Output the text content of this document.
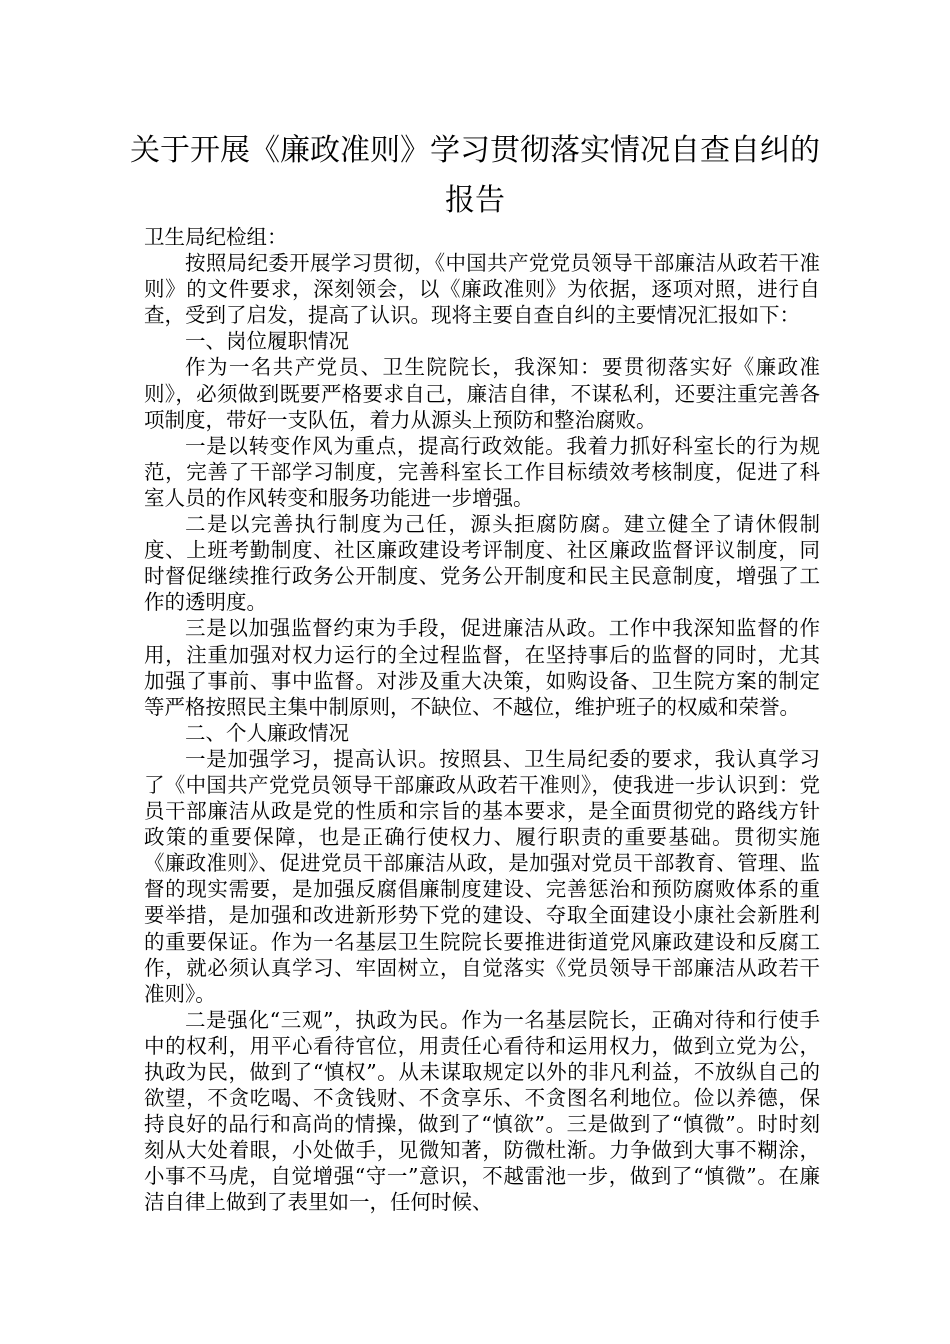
关于开展《廉政准则》学习贯彻落实情况自查自纠的
报告

卫生局纪检组：

按照局纪委开展学习贯彻，《中国共产党党员领导干部廉洁从政若干准则》的文件要求，深刻领会，以《廉政准则》为依据，逐项对照，进行自查，受到了启发，提高了认识。现将主要自查自纠的主要情况汇报如下：

一、岗位履职情况

作为一名共产党员、卫生院院长，我深知：要贯彻落实好《廉政准则》，必须做到既要严格要求自己，廉洁自律，不谋私利，还要注重完善各项制度，带好一支队伍，着力从源头上预防和整治腐败。

一是以转变作风为重点，提高行政效能。我着力抓好科室长的行为规范，完善了干部学习制度，完善科室长工作目标绩效考核制度，促进了科室人员的作风转变和服务功能进一步增强。

二是以完善执行制度为己任，源头拒腐防腐。建立健全了请休假制度、上班考勤制度、社区廉政建设考评制度、社区廉政监督评议制度，同时督促继续推行政务公开制度、党务公开制度和民主民意制度，增强了工作的透明度。

三是以加强监督约束为手段，促进廉洁从政。工作中我深知监督的作用，注重加强对权力运行的全过程监督，在坚持事后的监督的同时，尤其加强了事前、事中监督。对涉及重大决策，如购设备、卫生院方案的制定等严格按照民主集中制原则，不缺位、不越位，维护班子的权威和荣誉。

二、个人廉政情况

一是加强学习，提高认识。按照县、卫生局纪委的要求，我认真学习了《中国共产党党员领导干部廉政从政若干准则》，使我进一步认识到：党员干部廉洁从政是党的性质和宗旨的基本要求，是全面贯彻党的路线方针政策的重要保障，也是正确行使权力、履行职责的重要基础。贯彻实施《廉政准则》、促进党员干部廉洁从政，是加强对党员干部教育、管理、监督的现实需要，是加强反腐倡廉制度建设、完善惩治和预防腐败体系的重要举措，是加强和改进新形势下党的建设、夺取全面建设小康社会新胜利的重要保证。作为一名基层卫生院院长要推进街道党风廉政建设和反腐工作，就必须认真学习、牢固树立，自觉落实《党员领导干部廉洁从政若干准则》。

二是强化“三观”，执政为民。作为一名基层院长，正确对待和行使手中的权利，用平心看待官位，用责任心看待和运用权力，做到立党为公，执政为民，做到了“慎权”。从未谋取规定以外的非凡利益，不放纵自己的欲望，不贪吃喝、不贪钱财、不贪享乐、不贪图名利地位。俭以养德，保持良好的品行和高尚的情操，做到了“慎欲”。三是做到了“慎微”。时时刻刻从大处着眼，小处做手，见微知著，防微杜渐。力争做到大事不糊涂，小事不马虎，自觉增强“守一”意识，不越雷池一步，做到了“慎微”。在廉洁自律上做到了表里如一，任何时候、
